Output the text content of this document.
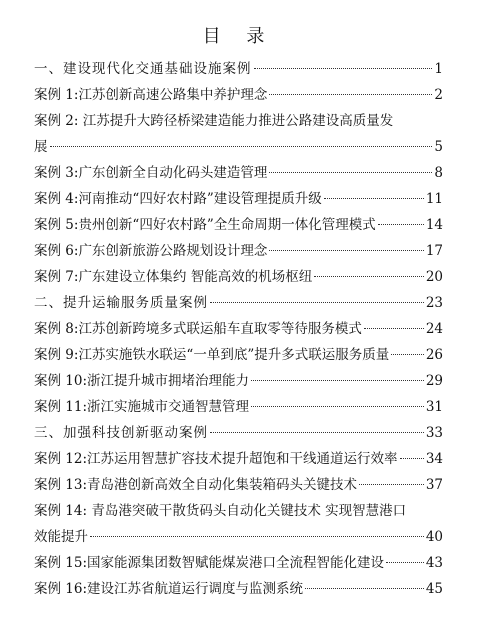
目 录
一、建设现代化交通基础设施案例	1
案例 1: 江苏创新高速公路集中养护理念	2
案例 2: 江苏提升大跨径桥梁建造能力推进公路建设高质量发
展	5
案例 3: 广东创新全自动化码头建造管理	8
案例 4: 河南推动“四好农村路”建设管理提质升级	11
案例 5: 贵州创新“四好农村路”全生命周期一体化管理模式	14
案例 6: 广东创新旅游公路规划设计理念	17
案例 7: 广东建设立体集约 智能高效的机场枢纽	20
二、提升运输服务质量案例	23
案例 8: 江苏创新跨境多式联运船车直取零等待服务模式	24
案例 9: 江苏实施铁水联运“一单到底”提升多式联运服务质量	26
案例 10: 浙江提升城市拥堵治理能力	29
案例 11: 浙江实施城市交通智慧管理	31
三、加强科技创新驱动案例	33
案例 12: 江苏运用智慧扩容技术提升超饱和干线通道运行效率 34
案例 13: 青岛港创新高效全自动化集装箱码头关键技术	37
案例 14: 青岛港突破干散货码头自动化关键技术 实现智慧港口
效能提升	40
案例 15: 国家能源集团数智赋能煤炭港口全流程智能化建设	43
案例 16: 建设江苏省航道运行调度与监测系统	45
